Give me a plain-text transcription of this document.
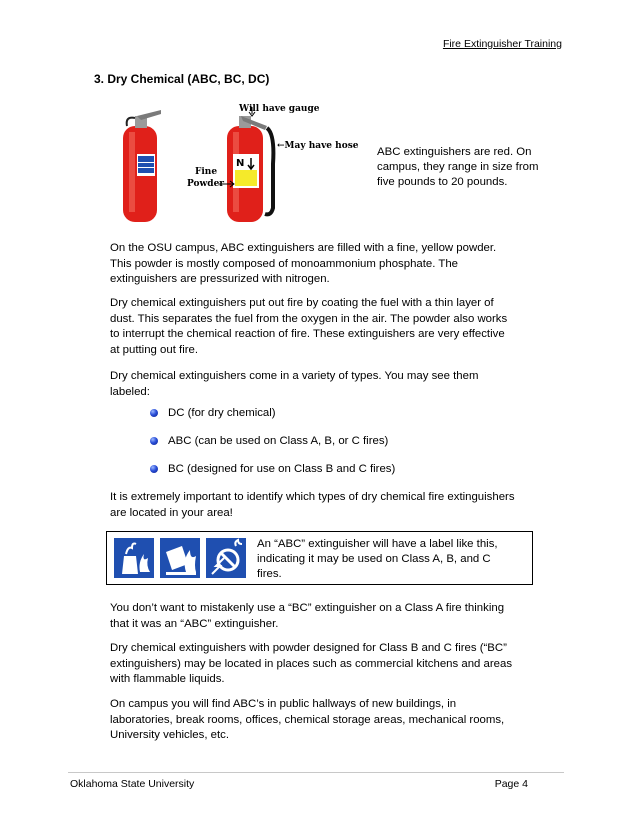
Fire Extinguisher Training
3. Dry Chemical (ABC, BC, DC)
Will have gauge
←May have hose
Fine
Powder
N
ABC extinguishers are red. On
campus, they range in size from
five pounds to 20 pounds.
On the OSU campus, ABC extinguishers are filled with a fine, yellow powder.
This powder is mostly composed of monoammonium phosphate. The
extinguishers are pressurized with nitrogen.
Dry chemical extinguishers put out fire by coating the fuel with a thin layer of
dust. This separates the fuel from the oxygen in the air. The powder also works
to interrupt the chemical reaction of fire. These extinguishers are very effective
at putting out fire.
Dry chemical extinguishers come in a variety of types. You may see them
labeled:
DC (for dry chemical)
ABC (can be used on Class A, B, or C fires)
BC (designed for use on Class B and C fires)
It is extremely important to identify which types of dry chemical fire extinguishers
are located in your area!
An “ABC” extinguisher will have a label like this,
indicating it may be used on Class A, B, and C
fires.
You don’t want to mistakenly use a “BC” extinguisher on a Class A fire thinking
that it was an “ABC” extinguisher.
Dry chemical extinguishers with powder designed for Class B and C fires (“BC”
extinguishers) may be located in places such as commercial kitchens and areas
with flammable liquids.
On campus you will find ABC’s in public hallways of new buildings, in
laboratories, break rooms, offices, chemical storage areas, mechanical rooms,
University vehicles, etc.
Oklahoma State University	Page 4
